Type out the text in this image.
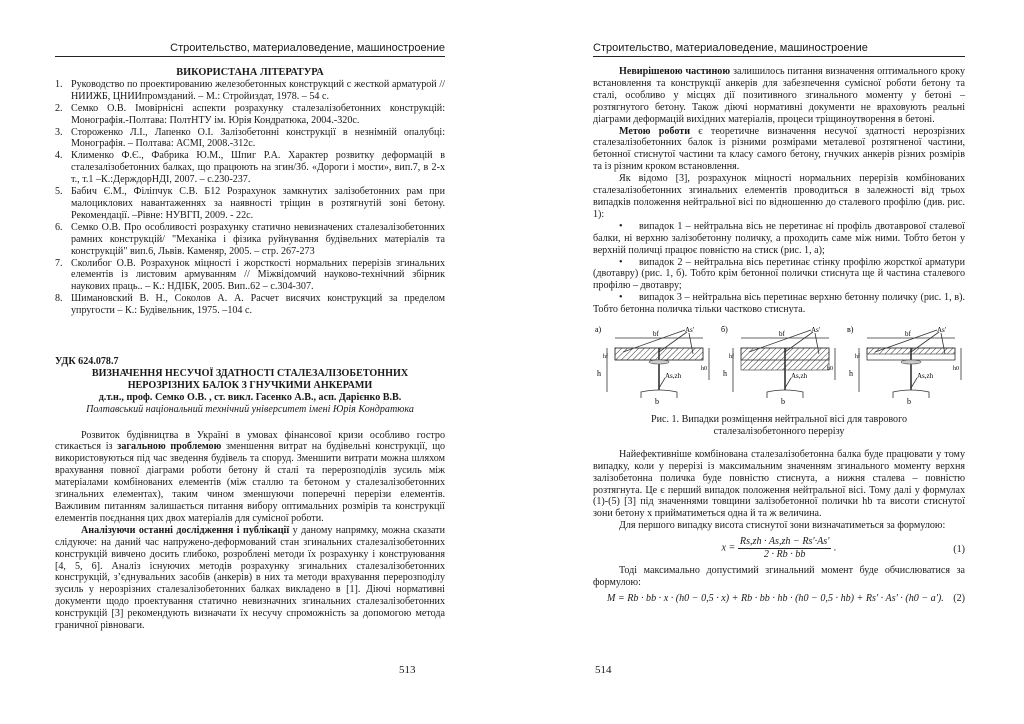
Строительство, материаловедение, машиностроение
ВИКОРИСТАНА ЛІТЕРАТУРА
1. Руководство по проектированию железобетонных конструкций с жесткой арматурой // НИИЖБ, ЦНИИпромзданий. – М.: Стройиздат, 1978. – 54 с.
2. Семко О.В. Імовірнісні аспекти розрахунку сталезалізобетонних конструкцій: Монографія.-Полтава: ПолтНТУ ім. Юрія Кондратюка, 2004.-320с.
3. Стороженко Л.І., Лапенко О.І. Залізобетонні конструкції в незнімній опалубці: Монографія. – Полтава: АСМІ, 2008.-312с.
4. Клименко Ф.Є., Фабрика Ю.М., Шпиг Р.А. Характер розвитку деформацій в сталезалізобетонних балках, що працюють на згин/Зб. «Дороги і мости», вип.7, в 2-х т., т.1 –К.:ДерждорНДІ, 2007. – с.230-237.
5. Бабич Є.М., Філіпчук С.В. Б12 Розрахунок замкнутих залізобетонних рам при малоциклових навантаженнях за наявності тріщин в розтягнутій зоні бетону. Рекомендації. –Рівне: НУВГП, 2009. - 22с.
6. Семко О.В. Про особливості розрахунку статично невизначених сталезалізобетонних рамних конструкцій/ "Механіка і фізика руйнування будівельних матеріалів та конструкцій" вип.6, Львів. Каменяр, 2005. – стр. 267-273
7. Сколибог О.В. Розрахунок міцності і жорсткості нормальних перерізів згинальних елементів із листовим армуванням // Міжвідомчий науково-технічний збірник наукових праць.. – К.: НДІБК, 2005. Вип..62 – с.304-307.
8. Шимановский В. Н., Соколов А. А. Расчет висячих конструкций за пределом упругости – К.: Будівельник, 1975. –104 с.
УДК 624.078.7
ВИЗНАЧЕННЯ НЕСУЧОЇ ЗДАТНОСТІ СТАЛЕЗАЛІЗОБЕТОННИХ
НЕРОЗРІЗНИХ БАЛОК З ГНУЧКИМИ АНКЕРАМИ
д.т.н., проф. Семко О.В. , ст. викл. Гасенко А.В., асп. Дарієнко В.В.
Полтавський національний технічний університет імені Юрія Кондратюка

Розвиток будівництва в Україні в умовах фінансової кризи особливо гостро стикається із загальною проблемою зменшення витрат на будівельні конструкції, що використовуються під час зведення будівель та споруд. Зменшити витрати можна шляхом врахування повної діаграми роботи бетону й сталі та перерозподілів зусиль між матеріалами комбінованих елементів (між сталлю та бетоном у сталезалізобетонних згинальних елементах), таким чином зменшуючи поперечні перерізи елементів. Важливим питанням залишається питання вибору оптимальних розмірів та конструкції елементів поєднання цих двох матеріалів для сумісної роботи.

Аналізуючи останні дослідження і публікації у даному напрямку, можна сказати слідуюче: на даний час напружено-деформований стан згинальних сталезалізобетонних конструкцій вивчено досить глибоко, розроблені методи їх розрахунку і конструювання [4, 5, 6]. Аналіз існуючих методів розрахунку згинальних сталезалізобетонних конструкцій, з’єднувальних засобів (анкерів) в них та методи врахування перерозподілу зусиль у нерозрізних сталезалізобетонних балках викладено в [1]. Діючі нормативні документи щодо проектування статично невизначних згинальних сталезалізобетонних конструкцій [3] рекомендують визначати їх несучу спроможність за допомогою метода граничної рівноваги.

513
Строительство, материаловедение, машиностроение

Невирішеною частиною залишилось питання визначення оптимального кроку встановлення та конструкції анкерів для забезпечення сумісної роботи бетону та сталі, особливо у місцях дії позитивного згинального моменту у бетоні – розтягнутого бетону. Також діючі нормативні документи не враховують реальні діаграми деформацій вихідних матеріалів, процеси тріщиноутворення в бетоні.

Метою роботи є теоретичне визначення несучої здатності нерозрізних сталезалізобетонних балок із різними розмірами металевої розтягненої частини, бетонної стиснутої частини та класу самого бетону, гнучких анкерів різних розмірів та із різним кроком встановлення.

Як відомо [3], розрахунок міцності нормальних перерізів комбінованих сталезалізобетонних згинальних елементів проводиться в залежності від трьох випадків положення нейтральної вісі по відношенню до сталевого профілю (див. рис. 1):

• випадок 1 – нейтральна вісь не перетинає ні профіль двотаврової сталевої балки, ні верхню залізобетонну поличку, а проходить саме між ними. Тобто бетон у верхній поличці працює повністю на стиск (рис. 1, а);

• випадок 2 – нейтральна вісь перетинає стінку профілю жорсткої арматури (двотавру) (рис. 1, б). Тобто крім бетонної полички стиснута ще й частина сталевого профілю – двотавру;

• випадок 3 – нейтральна вісь перетинає верхню бетонну поличку (рис. 1, в). Тобто бетонна поличка тільки частково стиснута.

а)
b
bf	As'
h
hf
h0
As,zh
б)
b
bf	As'
h
hf
h0
As,zh
в)
b
bf	As'
h
hf
h0
As,zh
Рис. 1. Випадки розміщення нейтральної вісі для таврового
сталезалізобетонного перерізу

Найефективніше комбінована сталезалізобетонна балка буде працювати у тому випадку, коли у перерізі із максимальним значенням згинального моменту верхня залізобетонна поличка буде повністю стиснута, а нижня сталева – повністю розтягнута. Це є перший випадок положення нейтральної вісі. Тому далі у формулах (1)-(5) [3] під значеннями товщини залізобетонної полички hb та висоти стиснутої зони бетону x прийматиметься одна й та ж величина.

Для першого випадку висота стиснутої зони визначатиметься за формулою:

$x = \frac{Rs,zh \cdot As,zh - Rs'\cdot As'}{2 \cdot Rb \cdot bb}$ .	(1)

Тоді максимально допустимий згинальний момент буде обчислюватися за формулою:

M = Rb · bb · x · (h0 − 0,5 · x) + Rb · bb · hb · (h0 − 0,5 · hb) + Rs' · As' · (h0 − a'). (2)
514
